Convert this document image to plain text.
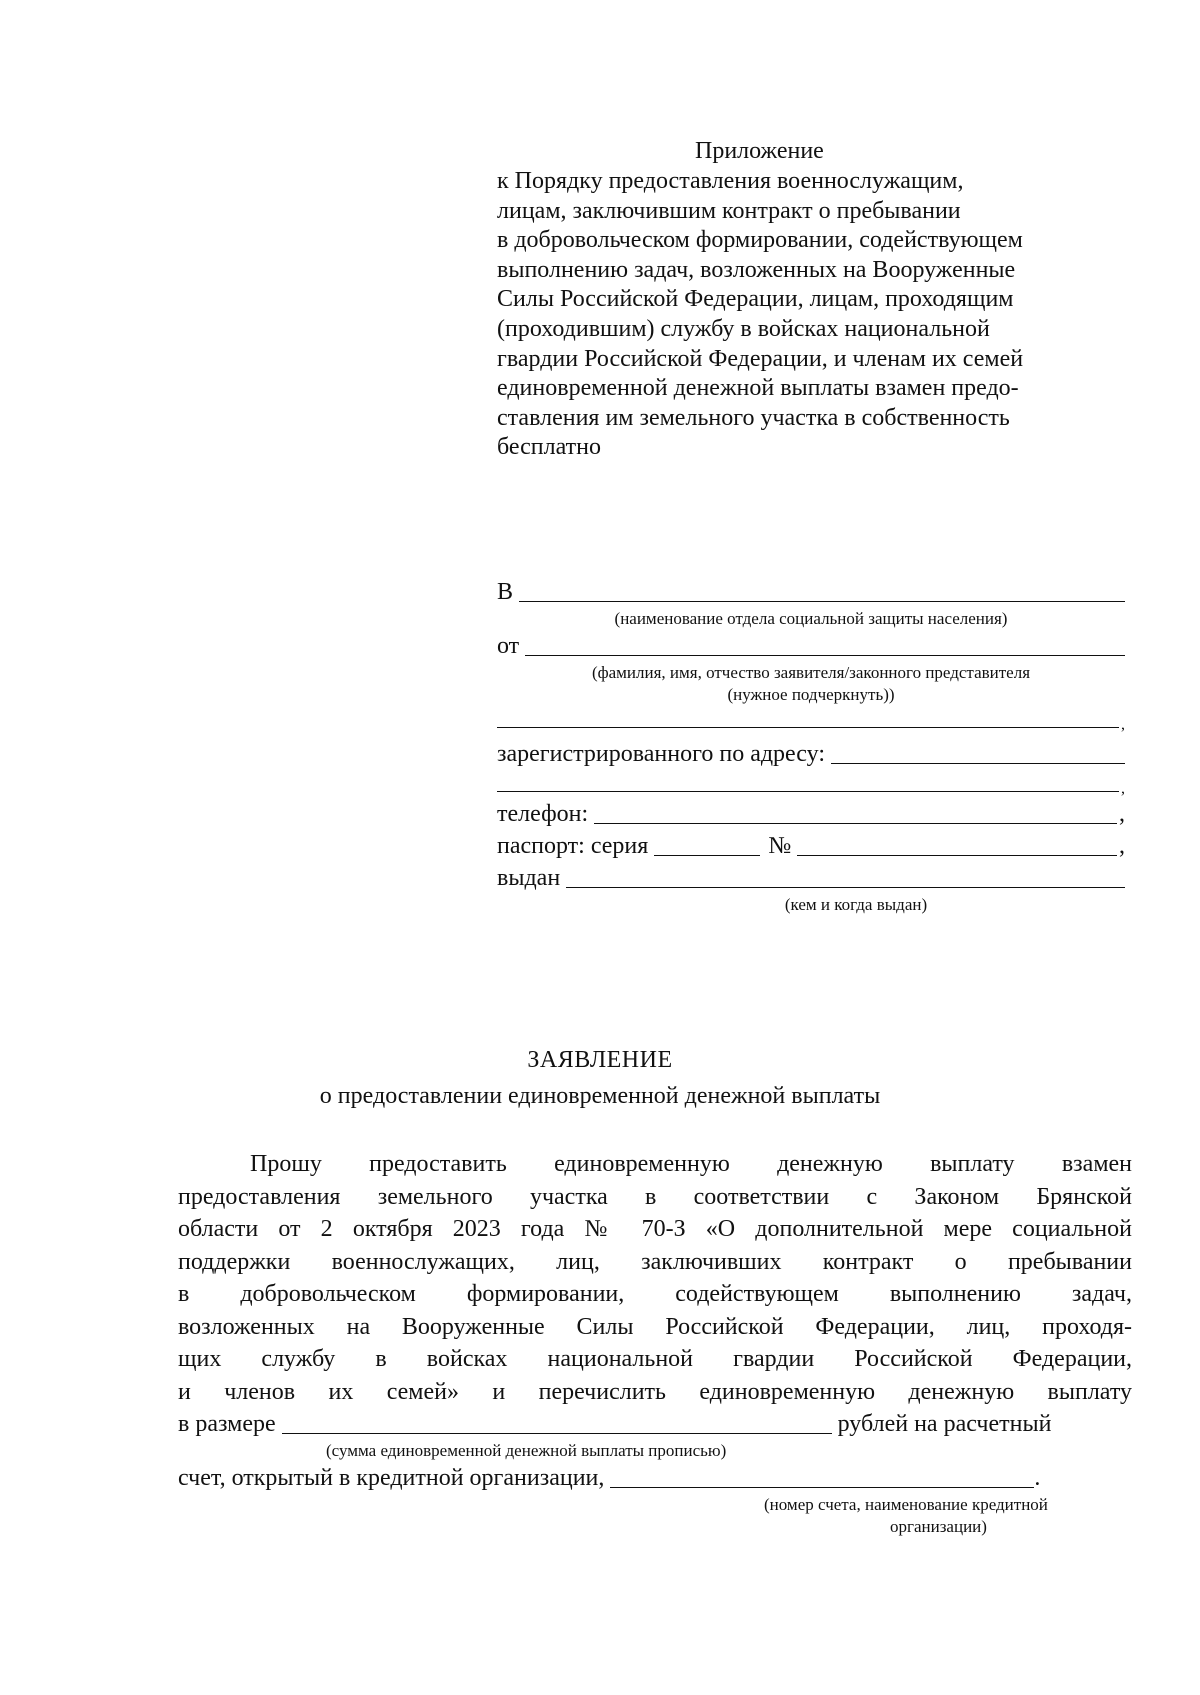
Приложение
к Порядку предоставления военнослужащим,
лицам, заключившим контракт о пребывании
в добровольческом формировании, содействующем
выполнению задач, возложенных на Вооруженные
Силы Российской Федерации, лицам, проходящим
(проходившим) службу в войсках национальной
гвардии Российской Федерации, и членам их семей
единовременной денежной выплаты взамен предо-
ставления им земельного участка в собственность
бесплатно
В
(наименование отдела социальной защиты населения)
от
(фамилия, имя, отчество заявителя/законного представителя
(нужное подчеркнуть))
,
зарегистрированного по адресу:
,
телефон:	,
паспорт: серия	№	,
выдан
(кем и когда выдан)
ЗАЯВЛЕНИЕ
о предоставлении единовременной денежной выплаты
Прошу предоставить единовременную денежную выплату взамен
предоставления земельного участка в соответствии с Законом Брянской
области от 2 октября 2023 года № 70-З «О дополнительной мере социальной
поддержки военнослужащих, лиц, заключивших контракт о пребывании
в добровольческом формировании, содействующем выполнению задач,
возложенных на Вооруженные Силы Российской Федерации, лиц, проходя-
щих службу в войсках национальной гвардии Российской Федерации,
и членов их семей» и перечислить единовременную денежную выплату
в размере	рублей на расчетный
(сумма единовременной денежной выплаты прописью)
счет, открытый в кредитной организации,	.
(номер счета, наименование кредитной
организации)
